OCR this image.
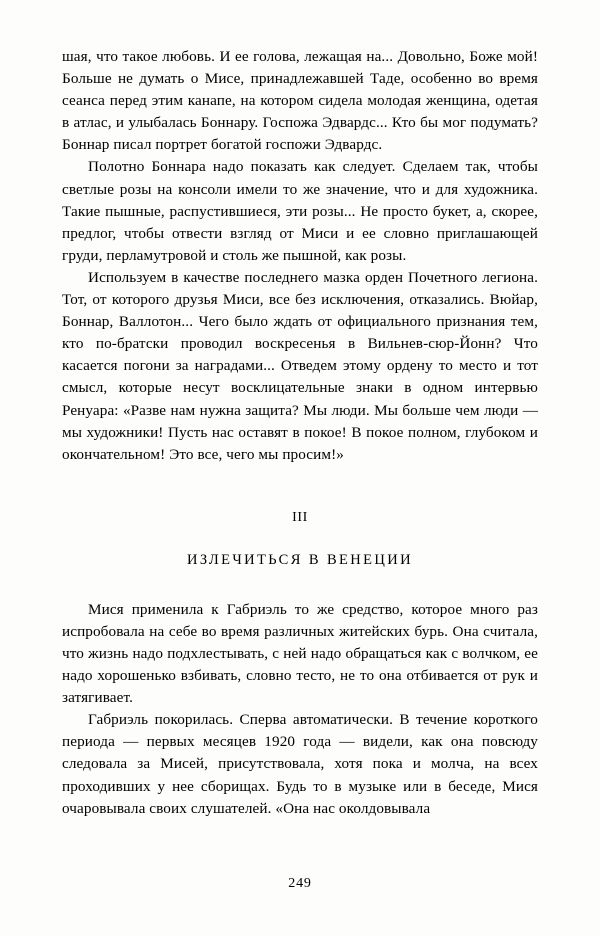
шая, что такое любовь. И ее голова, лежащая на... Довольно, Боже мой! Больше не думать о Мисе, принадлежавшей Таде, особенно во время сеанса перед этим канапе, на котором сидела молодая женщина, одетая в атлас, и улыбалась Боннару. Госпожа Эдвардс... Кто бы мог подумать? Боннар писал портрет богатой госпожи Эдвардс.

Полотно Боннара надо показать как следует. Сделаем так, чтобы светлые розы на консоли имели то же значение, что и для художника. Такие пышные, распустившиеся, эти розы... Не просто букет, а, скорее, предлог, чтобы отвести взгляд от Миси и ее словно приглашающей груди, перламутровой и столь же пышной, как розы.

Используем в качестве последнего мазка орден Почетного легиона. Тот, от которого друзья Миси, все без исключения, отказались. Вюйар, Боннар, Валлотон... Чего было ждать от официального признания тем, кто по-братски проводил воскресенья в Вильнев-сюр-Йонн? Что касается погони за наградами... Отведем этому ордену то место и тот смысл, которые несут восклицательные знаки в одном интервью Ренуара: «Разве нам нужна защита? Мы люди. Мы больше чем люди — мы художники! Пусть нас оставят в покое! В покое полном, глубоком и окончательном! Это все, чего мы просим!»

III
ИЗЛЕЧИТЬСЯ В ВЕНЕЦИИ

Мися применила к Габриэль то же средство, которое много раз испробовала на себе во время различных житейских бурь. Она считала, что жизнь надо подхлестывать, с ней надо обращаться как с волчком, ее надо хорошенько взбивать, словно тесто, не то она отбивается от рук и затягивает.

Габриэль покорилась. Сперва автоматически. В течение короткого периода — первых месяцев 1920 года — видели, как она повсюду следовала за Мисей, присутствовала, хотя пока и молча, на всех проходивших у нее сборищах. Будь то в музыке или в беседе, Мися очаровывала своих слушателей. «Она нас околдовывала

249
